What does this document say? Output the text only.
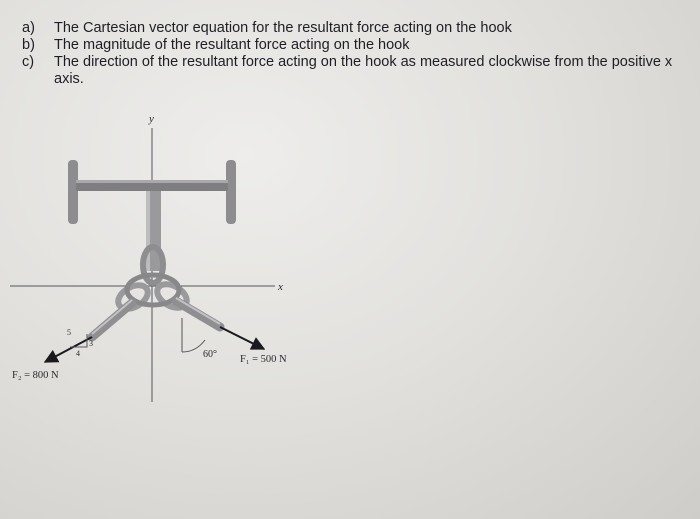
a)	The Cartesian vector equation for the resultant force acting on the hook
b)	The magnitude of the resultant force acting on the hook
c)	The direction of the resultant force acting on the hook as measured clockwise from the positive x axis.
y
x
5
3
4	60° F₁ = 500 N
F₂ = 800 N
